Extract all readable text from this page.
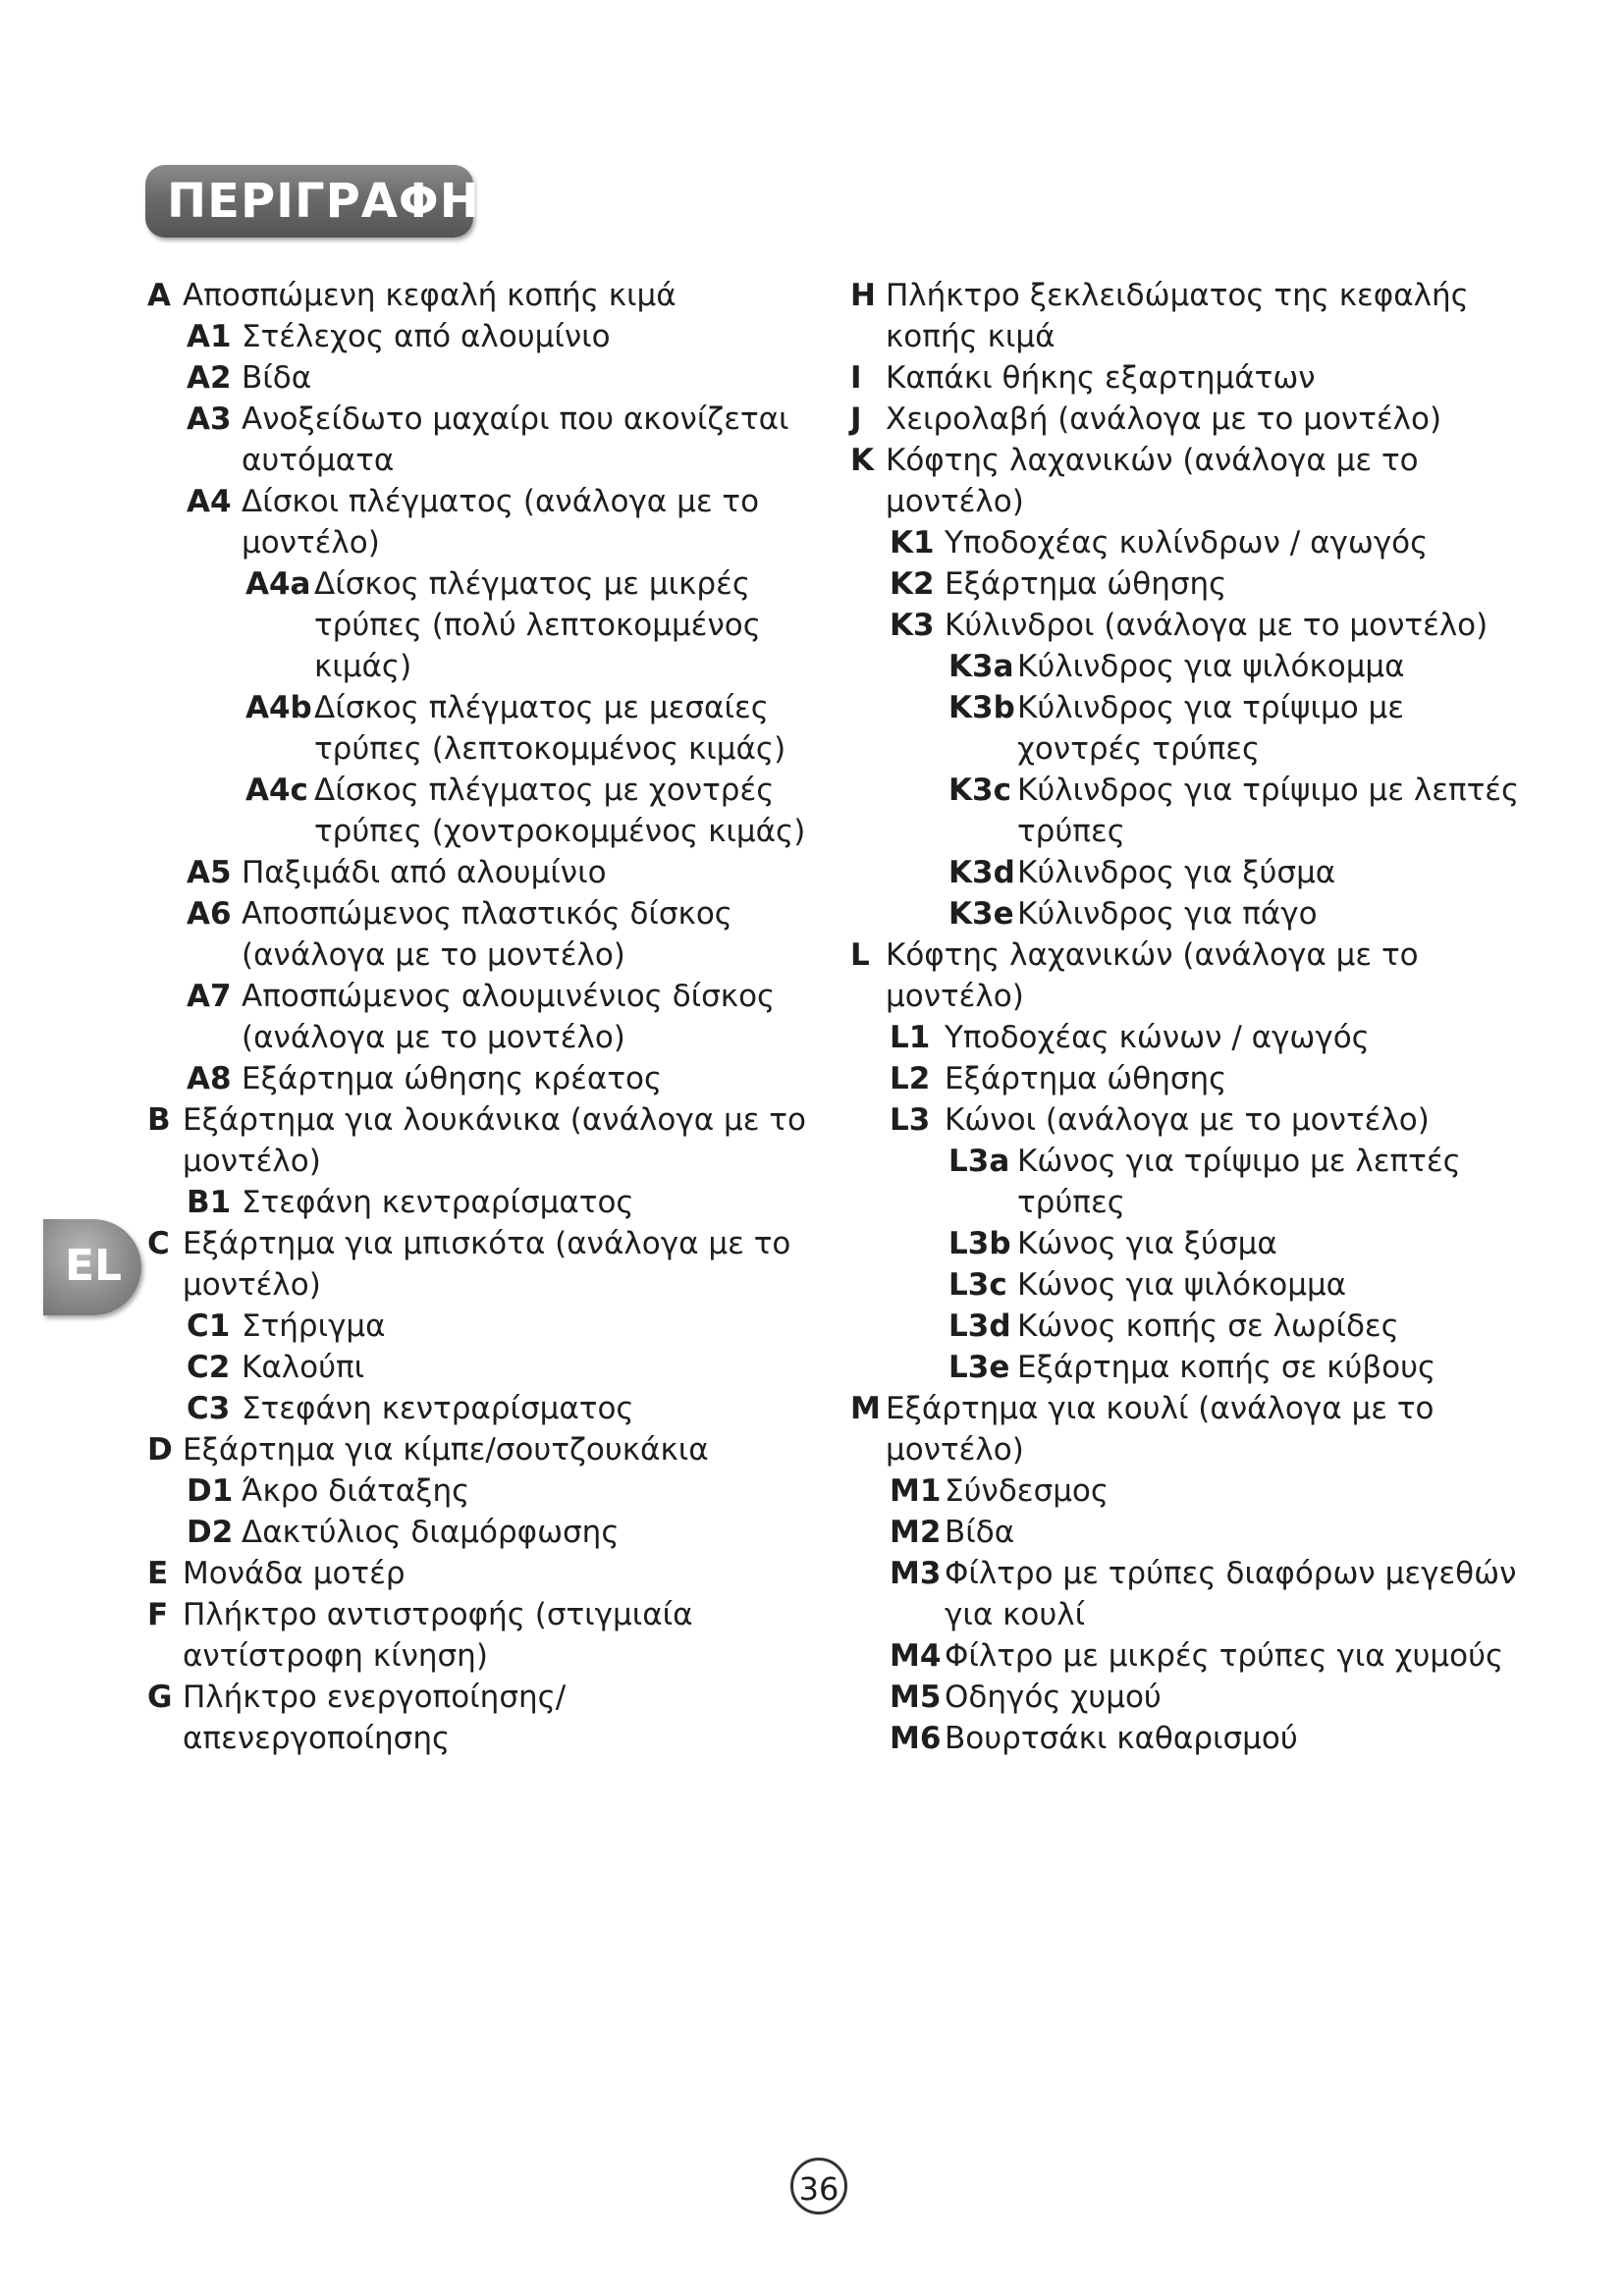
ΠΕΡΙΓΡΑΦΗ
A Αποσπώμενη κεφαλή κοπής κιμά
A1 Στέλεχος από αλουμίνιο
A2 Βίδα
A3 Ανοξείδωτο μαχαίρι που ακονίζεται
αυτόματα
A4 Δίσκοι πλέγματος (ανάλογα με το
μοντέλο)
A4a Δίσκος πλέγματος με μικρές
τρύπες (πολύ λεπτοκομμένος
κιμάς)
A4b Δίσκος πλέγματος με μεσαίες
τρύπες (λεπτοκομμένος κιμάς)
A4c Δίσκος πλέγματος με χοντρές
τρύπες (χοντροκομμένος κιμάς)
A5 Παξιμάδι από αλουμίνιο
A6 Αποσπώμενος πλαστικός δίσκος
(ανάλογα με το μοντέλο)
A7 Αποσπώμενος αλουμινένιος δίσκος
(ανάλογα με το μοντέλο)
A8 Εξάρτημα ώθησης κρέατος
B Εξάρτημα για λουκάνικα (ανάλογα με το
μοντέλο)
B1 Στεφάνη κεντραρίσματος
C Εξάρτημα για μπισκότα (ανάλογα με το
μοντέλο)
C1 Στήριγμα
C2 Καλούπι
C3 Στεφάνη κεντραρίσματος
D Εξάρτημα για κίμπε/σουτζουκάκια
D1 Άκρο διάταξης
D2 Δακτύλιος διαμόρφωσης
E Μονάδα μοτέρ
F Πλήκτρο αντιστροφής (στιγμιαία
αντίστροφη κίνηση)
G Πλήκτρο ενεργοποίησης/
απενεργοποίησης
H Πλήκτρο ξεκλειδώματος της κεφαλής
κοπής κιμά
I Καπάκι θήκης εξαρτημάτων
J Χειρολαβή (ανάλογα με το μοντέλο)
K Κόφτης λαχανικών (ανάλογα με το
μοντέλο)
K1 Υποδοχέας κυλίνδρων / αγωγός
K2 Εξάρτημα ώθησης
K3 Κύλινδροι (ανάλογα με το μοντέλο)
K3a Κύλινδρος για ψιλόκομμα
K3b Κύλινδρος για τρίψιμο με
χοντρές τρύπες
K3c Κύλινδρος για τρίψιμο με λεπτές
τρύπες
K3d Κύλινδρος για ξύσμα
K3e Κύλινδρος για πάγο
L Κόφτης λαχανικών (ανάλογα με το
μοντέλο)
L1 Υποδοχέας κώνων / αγωγός
L2 Εξάρτημα ώθησης
L3 Κώνοι (ανάλογα με το μοντέλο)
L3a Κώνος για τρίψιμο με λεπτές
τρύπες
L3b Κώνος για ξύσμα
L3c Κώνος για ψιλόκομμα
L3d Κώνος κοπής σε λωρίδες
L3e Εξάρτημα κοπής σε κύβους
M Εξάρτημα για κουλί (ανάλογα με το
μοντέλο)
M1 Σύνδεσμος
M2 Βίδα
M3 Φίλτρο με τρύπες διαφόρων μεγεθών
για κουλί
M4 Φίλτρο με μικρές τρύπες για χυμούς
M5 Οδηγός χυμού
M6 Βουρτσάκι καθαρισμού
EL
36
